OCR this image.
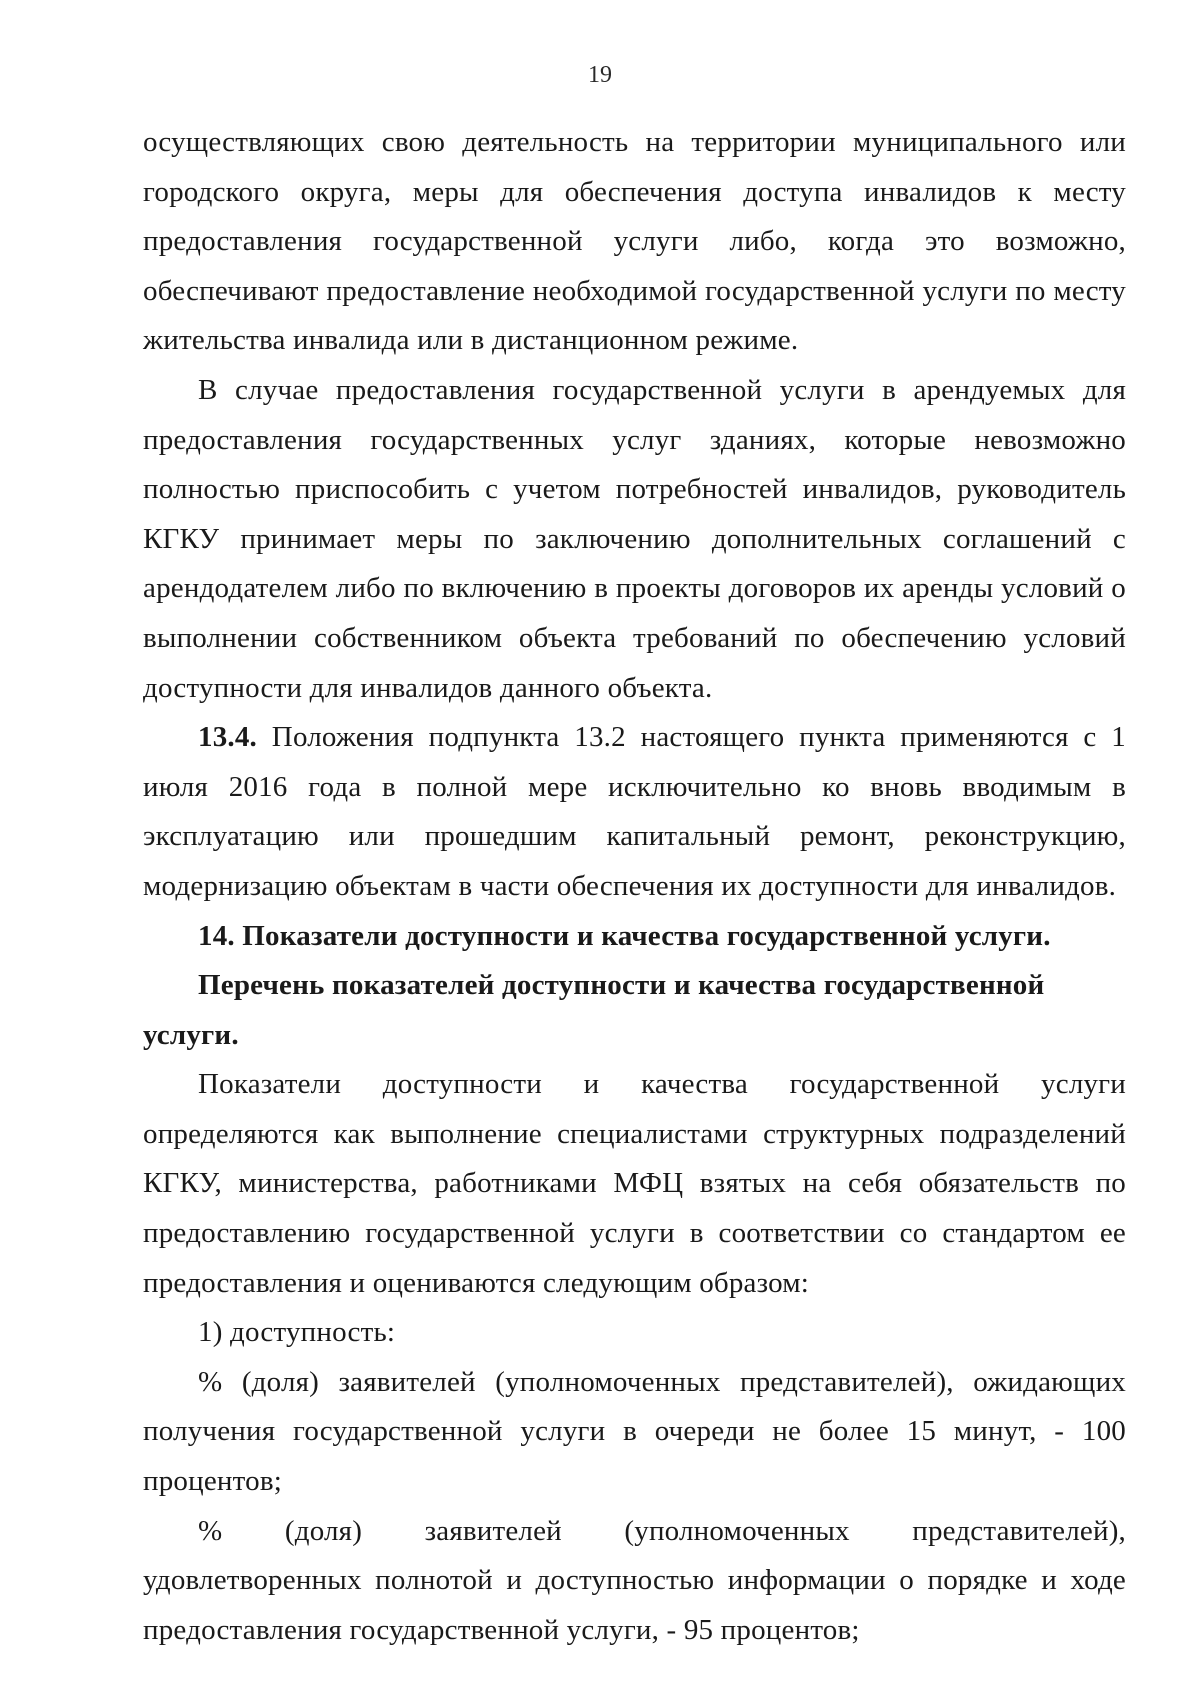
19

осуществляющих свою деятельность на территории муниципального или городского округа, меры для обеспечения доступа инвалидов к месту предоставления государственной услуги либо, когда это возможно, обеспечивают предоставление необходимой государственной услуги по месту жительства инвалида или в дистанционном режиме.

В случае предоставления государственной услуги в арендуемых для предоставления государственных услуг зданиях, которые невозможно полностью приспособить с учетом потребностей инвалидов, руководитель КГКУ принимает меры по заключению дополнительных соглашений с арендодателем либо по включению в проекты договоров их аренды условий о выполнении собственником объекта требований по обеспечению условий доступности для инвалидов данного объекта.

13.4. Положения подпункта 13.2 настоящего пункта применяются с 1 июля 2016 года в полной мере исключительно ко вновь вводимым в эксплуатацию или прошедшим капитальный ремонт, реконструкцию, модернизацию объектам в части обеспечения их доступности для инвалидов.

14. Показатели доступности и качества государственной услуги.

Перечень показателей доступности и качества государственной услуги.

Показатели доступности и качества государственной услуги определяются как выполнение специалистами структурных подразделений КГКУ, министерства, работниками МФЦ взятых на себя обязательств по предоставлению государственной услуги в соответствии со стандартом ее предоставления и оцениваются следующим образом:

1) доступность:

% (доля) заявителей (уполномоченных представителей), ожидающих получения государственной услуги в очереди не более 15 минут, - 100 процентов;

% (доля) заявителей (уполномоченных представителей), удовлетворенных полнотой и доступностью информации о порядке и ходе предоставления государственной услуги, - 95 процентов;
